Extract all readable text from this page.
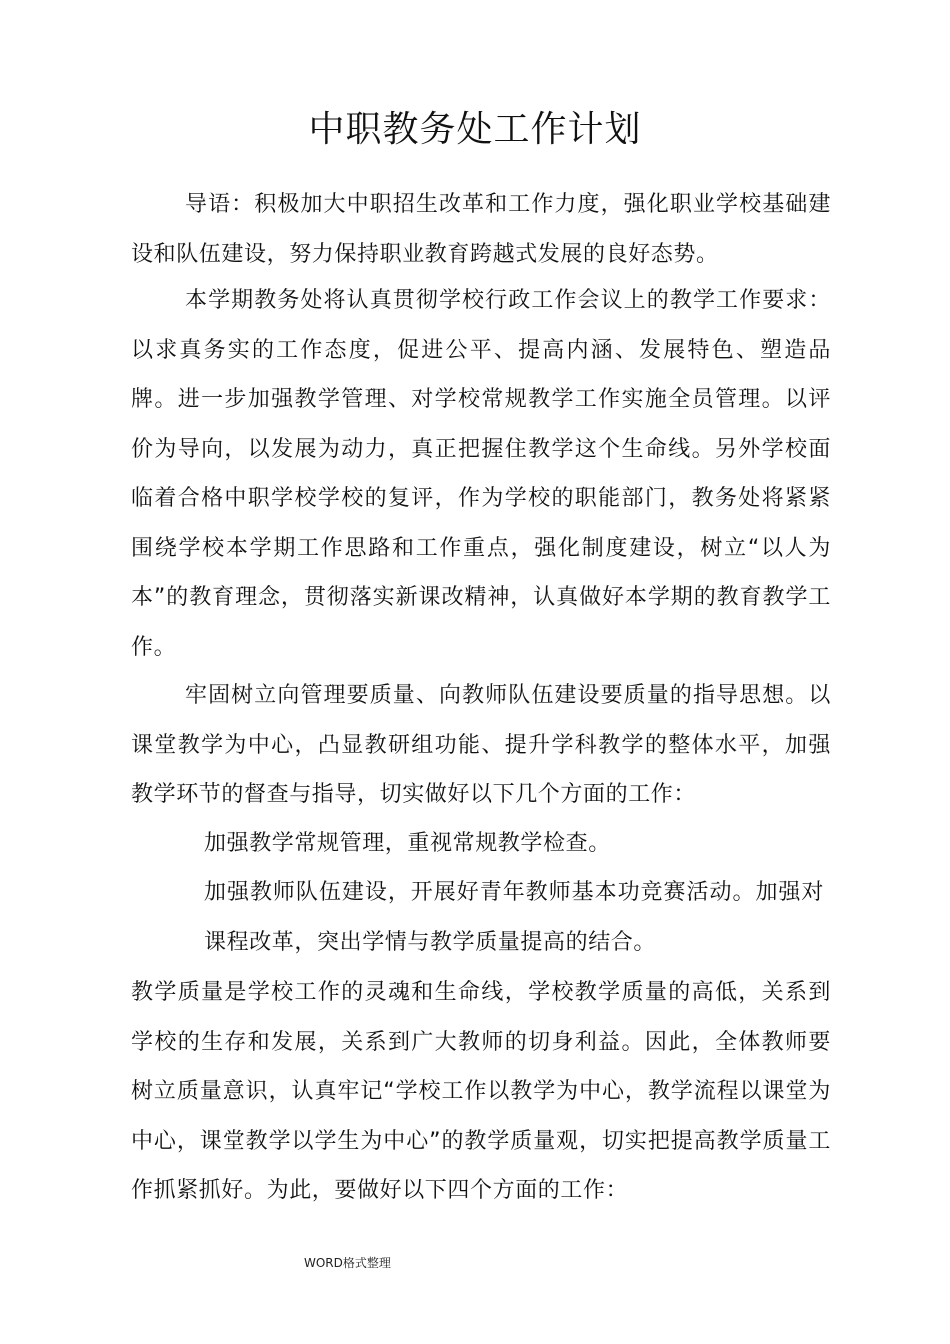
中职教务处工作计划

导语：积极加大中职招生改革和工作力度，强化职业学校基础建设和队伍建设，努力保持职业教育跨越式发展的良好态势。

本学期教务处将认真贯彻学校行政工作会议上的教学工作要求：以求真务实的工作态度，促进公平、提高内涵、发展特色、塑造品牌。进一步加强教学管理、对学校常规教学工作实施全员管理。以评价为导向，以发展为动力，真正把握住教学这个生命线。另外学校面临着合格中职学校学校的复评，作为学校的职能部门，教务处将紧紧围绕学校本学期工作思路和工作重点，强化制度建设，树立“以人为本”的教育理念，贯彻落实新课改精神，认真做好本学期的教育教学工作。

牢固树立向管理要质量、向教师队伍建设要质量的指导思想。以课堂教学为中心，凸显教研组功能、提升学科教学的整体水平，加强教学环节的督查与指导，切实做好以下几个方面的工作：

加强教学常规管理，重视常规教学检查。

加强教师队伍建设，开展好青年教师基本功竞赛活动。加强对课程改革，突出学情与教学质量提高的结合。

教学质量是学校工作的灵魂和生命线，学校教学质量的高低，关系到学校的生存和发展，关系到广大教师的切身利益。因此，全体教师要树立质量意识，认真牢记“学校工作以教学为中心，教学流程以课堂为中心，课堂教学以学生为中心”的教学质量观，切实把提高教学质量工作抓紧抓好。为此，要做好以下四个方面的工作：

WORD格式整理
